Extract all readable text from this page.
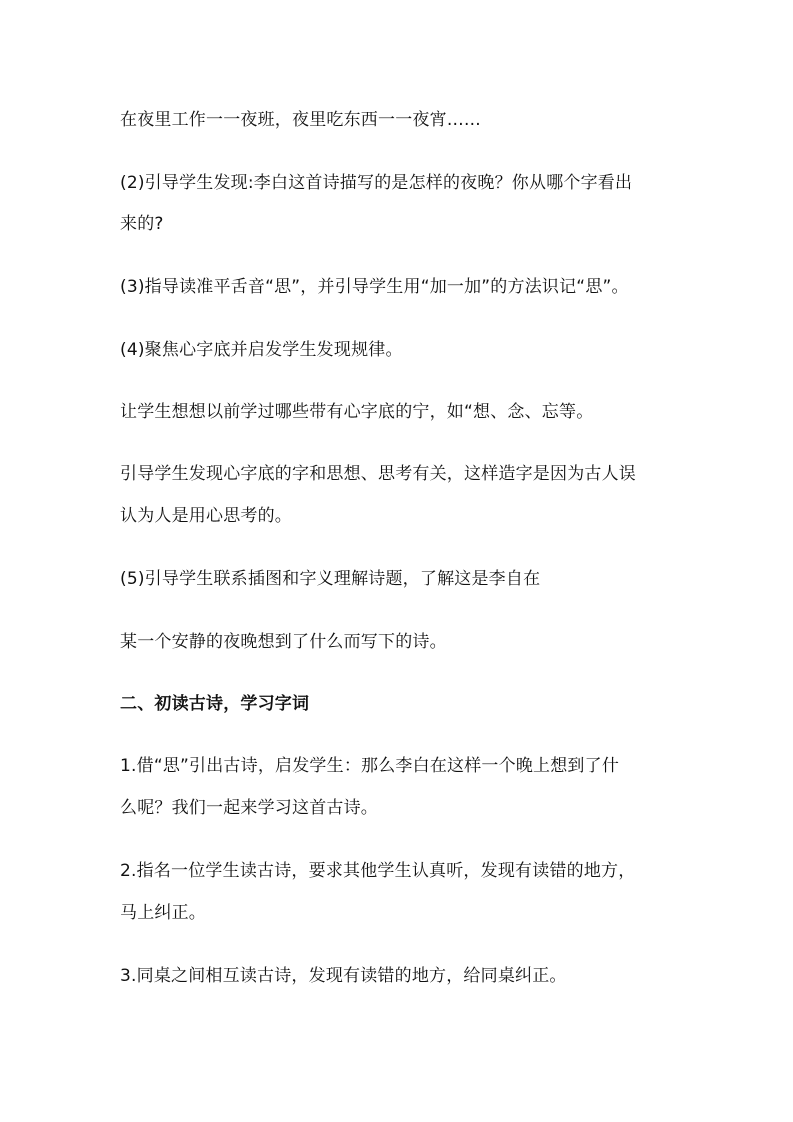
在夜里工作一一夜班，夜里吃东西一一夜宵…...
(2)引导学生发现:李白这首诗描写的是怎样的夜晚？你从哪个字看出
来的?
(3)指导读准平舌音“思”，并引导学生用“加一加”的方法识记“思”。
(4)聚焦心字底并启发学生发现规律。
让学生想想以前学过哪些带有心字底的宁，如“想、念、忘等。
引导学生发现心字底的字和思想、思考有关，这样造字是因为古人误
认为人是用心思考的。
(5)引导学生联系插图和字义理解诗题，了解这是李自在
某一个安静的夜晚想到了什么而写下的诗。
二、初读古诗，学习字词
1.借“思”引出古诗，启发学生：那么李白在这样一个晚上想到了什
么呢？我们一起来学习这首古诗。
2.指名一位学生读古诗，要求其他学生认真听，发现有读错的地方，
马上纠正。
3.同桌之间相互读古诗，发现有读错的地方，给同桌纠正。
